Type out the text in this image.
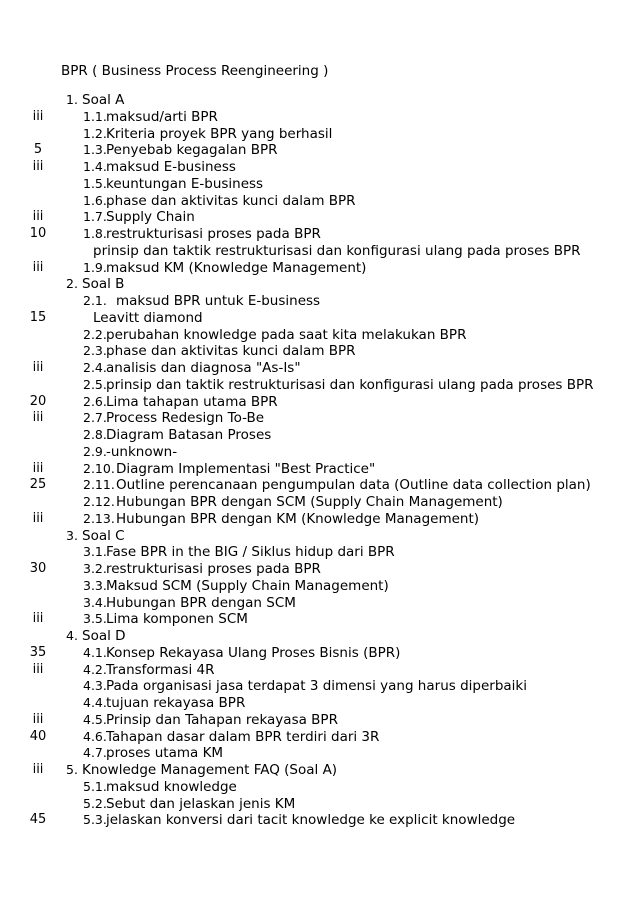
BPR ( Business Process Reengineering )
1. Soal A
iii	1.1. maksud/arti BPR
1.2. Kriteria proyek BPR yang berhasil
5	1.3. Penyebab kegagalan BPR
iii	1.4. maksud E-business
1.5. keuntungan E-business
1.6. phase dan aktivitas kunci dalam BPR
iii	1.7. Supply Chain
10	1.8. restrukturisasi proses pada BPR
prinsip dan taktik restrukturisasi dan konfigurasi ulang pada proses BPR
iii	1.9. maksud KM (Knowledge Management)
2. Soal B
2.1. maksud BPR untuk E-business
15	Leavitt diamond
2.2. perubahan knowledge pada saat kita melakukan BPR
2.3. phase dan aktivitas kunci dalam BPR
iii	2.4. analisis dan diagnosa "As-Is"
2.5. prinsip dan taktik restrukturisasi dan konfigurasi ulang pada proses BPR
20	2.6. Lima tahapan utama BPR
iii	2.7. Process Redesign To-Be
2.8. Diagram Batasan Proses
2.9. -unknown-
iii	2.10. Diagram Implementasi "Best Practice"
25	2.11. Outline perencanaan pengumpulan data (Outline data collection plan)
2.12. Hubungan BPR dengan SCM (Supply Chain Management)
iii	2.13. Hubungan BPR dengan KM (Knowledge Management)
3. Soal C
3.1. Fase BPR in the BIG / Siklus hidup dari BPR
30	3.2. restrukturisasi proses pada BPR
3.3. Maksud SCM (Supply Chain Management)
3.4. Hubungan BPR dengan SCM
iii	3.5. Lima komponen SCM
4. Soal D
35	4.1. Konsep Rekayasa Ulang Proses Bisnis (BPR)
iii	4.2. Transformasi 4R
4.3. Pada organisasi jasa terdapat 3 dimensi yang harus diperbaiki
4.4. tujuan rekayasa BPR
iii	4.5. Prinsip dan Tahapan rekayasa BPR
40	4.6. Tahapan dasar dalam BPR terdiri dari 3R
4.7. proses utama KM
iii	5. Knowledge Management FAQ (Soal A)
5.1. maksud knowledge
5.2. Sebut dan jelaskan jenis KM
45	5.3. jelaskan konversi dari tacit knowledge ke explicit knowledge
